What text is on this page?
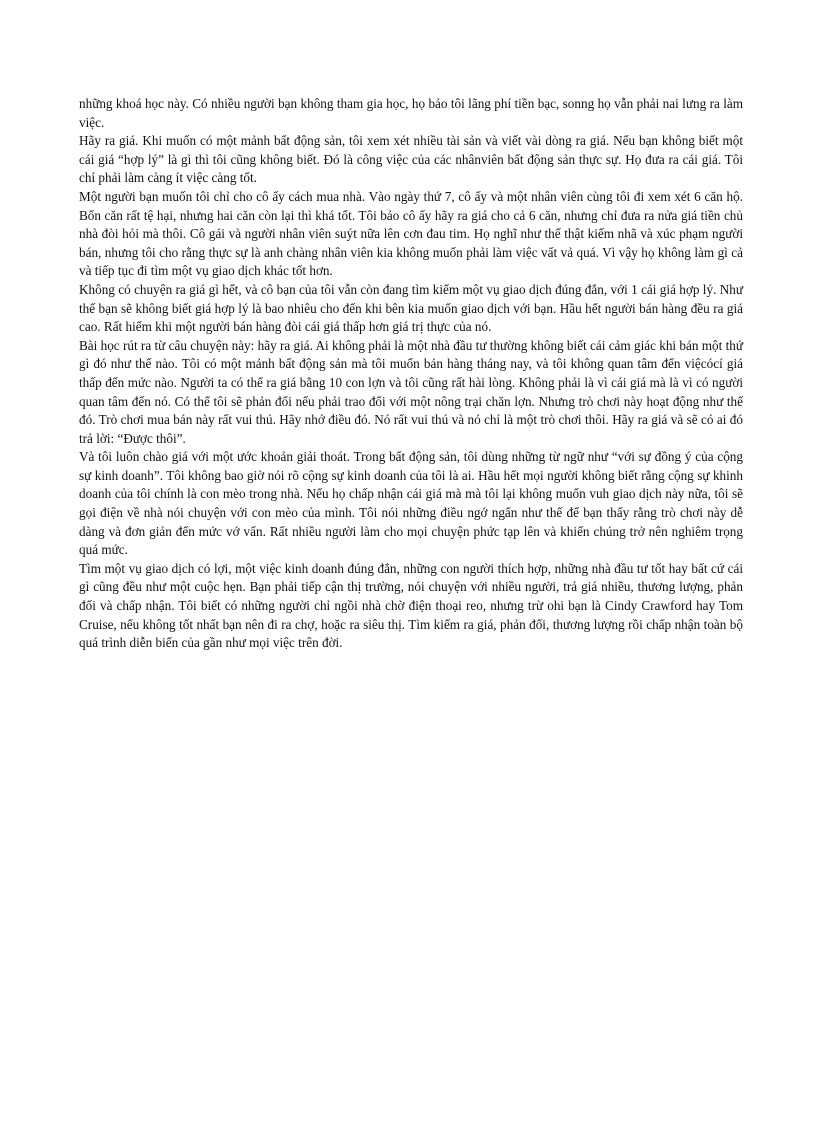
những khoá học này. Có nhiều người bạn không tham gia học, họ bảo tôi lãng phí tiền bạc, sonng họ vẫn phải nai lưng ra làm việc.

Hãy ra giá. Khi muốn có một mảnh bất động sản, tôi xem xét nhiều tài sản và viết vài dòng ra giá. Nếu bạn không biết một cái giá “hợp lý” là gì thì tôi cũng không biết. Đó là công việc của các nhânviên bất động sản thực sự. Họ đưa ra cái giá. Tôi chỉ phải làm càng ít việc càng tốt.

Một người bạn muốn tôi chỉ cho cô ấy cách mua nhà. Vào ngày thứ 7, cô ấy và một nhân viên cùng tôi đi xem xét 6 căn hộ. Bốn căn rất tệ hại, nhưng hai căn còn lại thì khá tốt. Tôi bảo cô ấy hãy ra giá cho cả 6 căn, nhưng chỉ đưa ra nửa giá tiền chủ nhà đòi hỏi mà thôi. Cô gái và người nhân viên suýt nữa lên cơn đau tim. Họ nghĩ như thế thật kiếm nhã và xúc phạm người bán, nhưng tôi cho rằng thực sự là anh chàng nhân viên kia không muốn phải làm việc vất vả quá. Vì vậy họ không làm gì cả và tiếp tục đi tìm một vụ giao dịch khác tốt hơn.

Không có chuyện ra giá gì hết, và cô bạn của tôi vẫn còn đang tìm kiếm một vụ giao dịch đúng đắn, với 1 cái giá hợp lý. Như thế bạn sẽ không biết giá hợp lý là bao nhiêu cho đến khi bên kia muốn giao dịch với bạn. Hầu hết người bán hàng đều ra giá cao. Rất hiếm khi một người bán hàng đòi cái giá thấp hơn giá trị thực của nó.

Bài học rút ra từ câu chuyện này: hãy ra giá. Ai không phải là một nhà đầu tư thường không biết cái cảm giác khi bán một thứ gì đó như thế nào. Tôi có một mảnh bất động sản mà tôi muốn bán hàng tháng nay, và tôi không quan tâm đến việcócí giá thấp đến mức nào. Người ta có thể ra giá bằng 10 con lợn và tôi cũng rất hài lòng. Không phải là vì cái giá mà là vì có người quan tâm đến nó. Có thể tôi sẽ phản đối nếu phải trao đổi với một nông trại chăn lợn. Nhưng trò chơi này hoạt động như thế đó. Trò chơi mua bán này rất vui thú. Hãy nhớ điều đó. Nó rất vui thú và nó chỉ là một trò chơi thôi. Hãy ra giá và sẽ có ai đó trả lời: “Được thôi”.

Và tôi luôn chào giá với một ước khoản giải thoát. Trong bất động sản, tôi dùng những từ ngữ như “với sự đồng ý của cộng sự kinh doanh”. Tôi không bao giờ nói rõ cộng sự kinh doanh của tôi là ai. Hầu hết mọi người không biết rằng cộng sự khinh doanh của tôi chính là con mèo trong nhà. Nếu họ chấp nhận cái giá mà mà tôi lại không muốn vuh giao dịch này nữa, tôi sẽ gọi điện về nhà nói chuyện với con mèo của mình. Tôi nói những điều ngớ ngẩn như thế để bạn thấy rằng trò chơi này dễ dàng và đơn giản đến mức vớ vẩn. Rất nhiều người làm cho mọi chuyện phức tạp lên và khiến chúng trở nên nghiêm trọng quá mức.

Tìm một vụ giao dịch có lợi, một việc kinh doanh đúng đắn, những con người thích hợp, những nhà đầu tư tốt hay bất cứ cái gì cũng đều như một cuộc hẹn. Bạn phải tiếp cận thị trường, nói chuyện với nhiều người, trả giá nhiều, thương lượng, phản đối và chấp nhận. Tôi biết có những người chỉ ngồi nhà chờ điện thoại reo, nhưng trừ ohi bạn là Cindy Crawford hay Tom Cruise, nếu không tốt nhất bạn nên đi ra chợ, hoặc ra siêu thị. Tìm kiếm ra giá, phản đối, thương lượng rồi chấp nhận toàn bộ quá trình diễn biến của gần như mọi việc trên đời.
